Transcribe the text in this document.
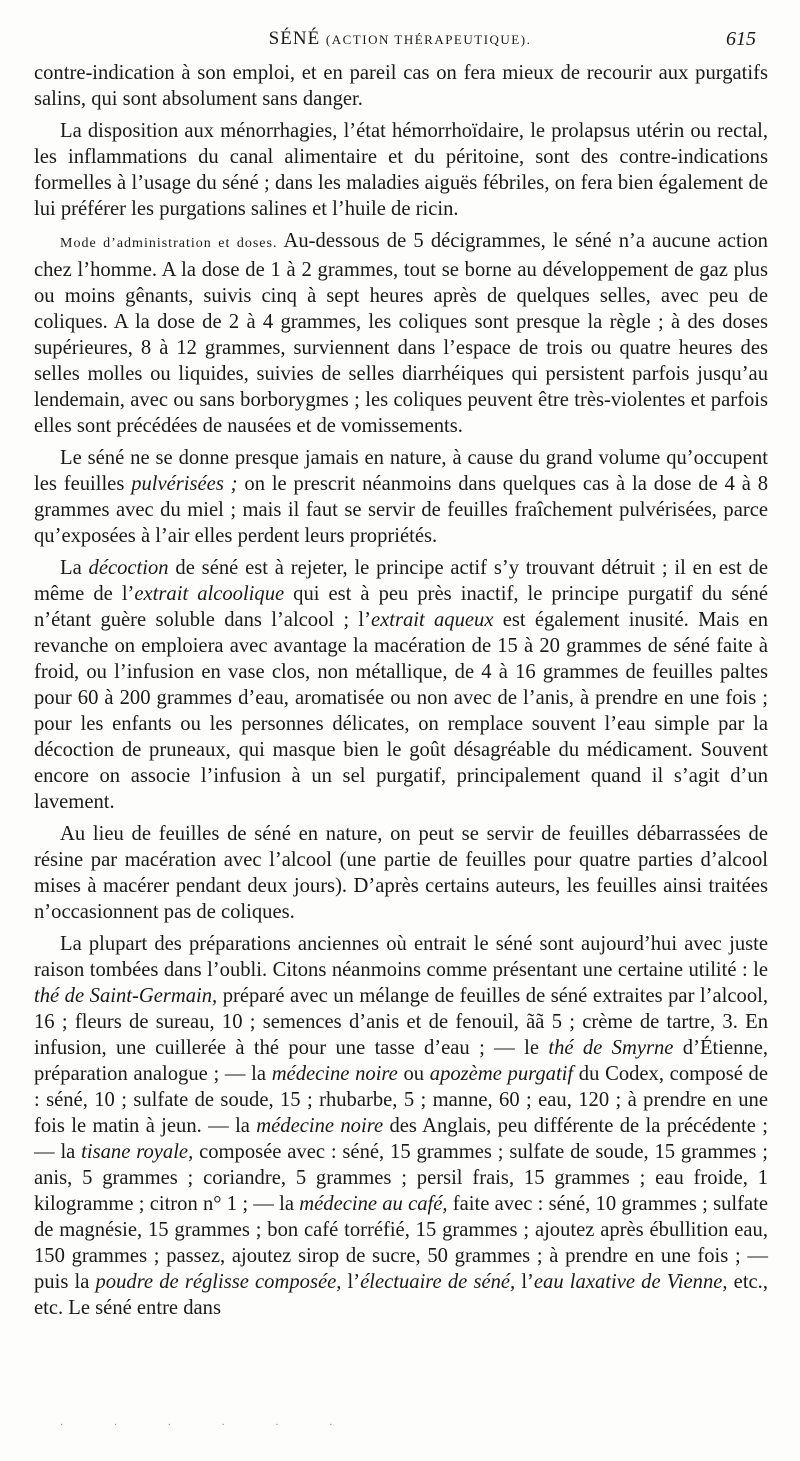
SÉNÉ (ACTION THÉRAPEUTIQUE).	615

contre-indication à son emploi, et en pareil cas on fera mieux de recourir aux purgatifs salins, qui sont absolument sans danger.

La disposition aux ménorrhagies, l’état hémorrhoïdaire, le prolapsus utérin ou rectal, les inflammations du canal alimentaire et du péritoine, sont des contre-indications formelles à l’usage du séné ; dans les maladies aiguës fébriles, on fera bien également de lui préférer les purgations salines et l’huile de ricin.

Mode d’administration et doses. Au-dessous de 5 décigrammes, le séné n’a aucune action chez l’homme. A la dose de 1 à 2 grammes, tout se borne au développement de gaz plus ou moins gênants, suivis cinq à sept heures après de quelques selles, avec peu de coliques. A la dose de 2 à 4 grammes, les coliques sont presque la règle ; à des doses supérieures, 8 à 12 grammes, surviennent dans l’espace de trois ou quatre heures des selles molles ou liquides, suivies de selles diarrhéiques qui persistent parfois jusqu’au lendemain, avec ou sans borborygmes ; les coliques peuvent être très-violentes et parfois elles sont précédées de nausées et de vomissements.

Le séné ne se donne presque jamais en nature, à cause du grand volume qu’occupent les feuilles pulvérisées ; on le prescrit néanmoins dans quelques cas à la dose de 4 à 8 grammes avec du miel ; mais il faut se servir de feuilles fraîchement pulvérisées, parce qu’exposées à l’air elles perdent leurs propriétés.

La décoction de séné est à rejeter, le principe actif s’y trouvant détruit ; il en est de même de l’extrait alcoolique qui est à peu près inactif, le principe purgatif du séné n’étant guère soluble dans l’alcool ; l’extrait aqueux est également inusité. Mais en revanche on emploiera avec avantage la macération de 15 à 20 grammes de séné faite à froid, ou l’infusion en vase clos, non métallique, de 4 à 16 grammes de feuilles paltes pour 60 à 200 grammes d’eau, aromatisée ou non avec de l’anis, à prendre en une fois ; pour les enfants ou les personnes délicates, on remplace souvent l’eau simple par la décoction de pruneaux, qui masque bien le goût désagréable du médicament. Souvent encore on associe l’infusion à un sel purgatif, principalement quand il s’agit d’un lavement.

Au lieu de feuilles de séné en nature, on peut se servir de feuilles débarrassées de résine par macération avec l’alcool (une partie de feuilles pour quatre parties d’alcool mises à macérer pendant deux jours). D’après certains auteurs, les feuilles ainsi traitées n’occasionnent pas de coliques.

La plupart des préparations anciennes où entrait le séné sont aujourd’hui avec juste raison tombées dans l’oubli. Citons néanmoins comme présentant une certaine utilité : le thé de Saint-Germain, préparé avec un mélange de feuilles de séné extraites par l’alcool, 16 ; fleurs de sureau, 10 ; semences d’anis et de fenouil, ãã 5 ; crème de tartre, 3. En infusion, une cuillerée à thé pour une tasse d’eau ; — le thé de Smyrne d’Étienne, préparation analogue ; — la médecine noire ou apozème purgatif du Codex, composé de : séné, 10 ; sulfate de soude, 15 ; rhubarbe, 5 ; manne, 60 ; eau, 120 ; à prendre en une fois le matin à jeun. — la médecine noire des Anglais, peu différente de la précédente ; — la tisane royale, composée avec : séné, 15 grammes ; sulfate de soude, 15 grammes ; anis, 5 grammes ; coriandre, 5 grammes ; persil frais, 15 grammes ; eau froide, 1 kilogramme ; citron n° 1 ; — la médecine au café, faite avec : séné, 10 grammes ; sulfate de magnésie, 15 grammes ; bon café torréfié, 15 grammes ; ajoutez après ébullition eau, 150 grammes ; passez, ajoutez sirop de sucre, 50 grammes ; à prendre en une fois ; — puis la poudre de réglisse composée, l’électuaire de séné, l’eau laxative de Vienne, etc., etc. Le séné entre dans

· · · · · ·
